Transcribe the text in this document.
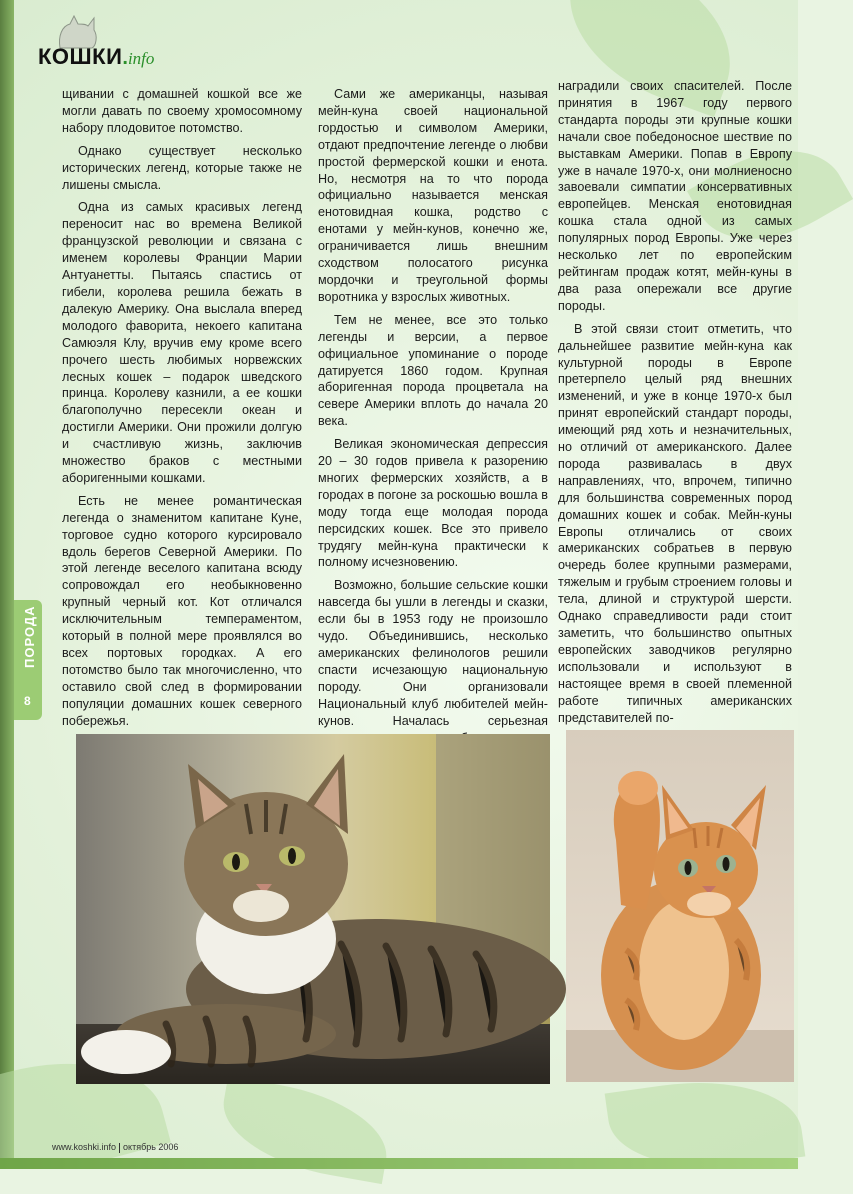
КОШКИ . info
ПОРОДА
8

щивании с домашней кошкой все же могли давать по своему хромосомному набору плодовитое потомство.

Однако существует несколько исторических легенд, которые также не лишены смысла.

Одна из самых красивых легенд переносит нас во времена Великой французской революции и связана с именем королевы Франции Марии Антуанетты. Пытаясь спастись от гибели, королева решила бежать в далекую Америку. Она выслала вперед молодого фаворита, некоего капитана Самюэля Клу, вручив ему кроме всего прочего шесть любимых норвежских лесных кошек – подарок шведского принца. Королеву казнили, а ее кошки благополучно пересекли океан и достигли Америки. Они прожили долгую и счастливую жизнь, заключив множество браков с местными аборигенными кошками.

Есть не менее романтическая легенда о знаменитом капитане Куне, торговое судно которого курсировало вдоль берегов Северной Америки. По этой легенде веселого капитана всюду сопровождал его необыкновенно крупный черный кот. Кот отличался исключительным темпераментом, который в полной мере проявлялся во всех портовых городках. А его потомство было так многочисленно, что оставило свой след в формировании популяции домашних кошек северного побережья.

Сами же американцы, называя мейн-куна своей национальной гордостью и символом Америки, отдают предпочтение легенде о любви простой фермерской кошки и енота. Но, несмотря на то что порода официально называется менская енотовидная кошка, родство с енотами у мейн-кунов, конечно же, ограничивается лишь внешним сходством полосатого рисунка мордочки и треугольной формы воротника у взрослых животных.

Тем не менее, все это только легенды и версии, а первое официальное упоминание о породе датируется 1860 годом. Крупная аборигенная порода процветала на севере Америки вплоть до начала 20 века.

Великая экономическая депрессия 20 – 30 годов привела к разорению многих фермерских хозяйств, а в городах в погоне за роскошью вошла в моду тогда еще молодая порода персидских кошек. Все это привело трудягу мейн-куна практически к полному исчезновению.

Возможно, большие сельские кошки навсегда бы ушли в легенды и сказки, если бы в 1953 году не произошло чудо. Объединившись, несколько американских фелинологов решили спасти исчезающую национальную породу. Они организовали Национальный клуб любителей мейн-кунов. Началась серьезная

наградили своих спасителей. После принятия в 1967 году первого стандарта породы эти крупные кошки начали свое победоносное шествие по выставкам Америки. Попав в Европу уже в начале 1970-х, они молниеносно завоевали симпатии консервативных европейцев. Менская енотовидная кошка стала одной из самых популярных пород Европы. Уже через несколько лет по европейским рейтингам продаж котят, мейн-куны в два раза опережали все другие породы.

В этой связи стоит отметить, что дальнейшее развитие мейн-куна как культурной породы в Европе претерпело целый ряд внешних изменений, и уже в конце 1970-х был принят европейский стандарт породы, имеющий ряд хоть и незначительных, но отличий от американского. Далее порода развивалась в двух направлениях, что, впрочем, типично для большинства современных пород домашних кошек и собак. Мейн-куны Европы отличались от своих американских собратьев в первую очередь более крупными размерами, тяжелым и грубым строением головы и тела, длиной и структурой шерсти. Однако справедливости ради стоит заметить, что большинство опытных европейских заводчиков регулярно использовали и используют в настоящее время в своей племенной работе типичных американских представителей по-

www.koshki.info октябрь 2006
